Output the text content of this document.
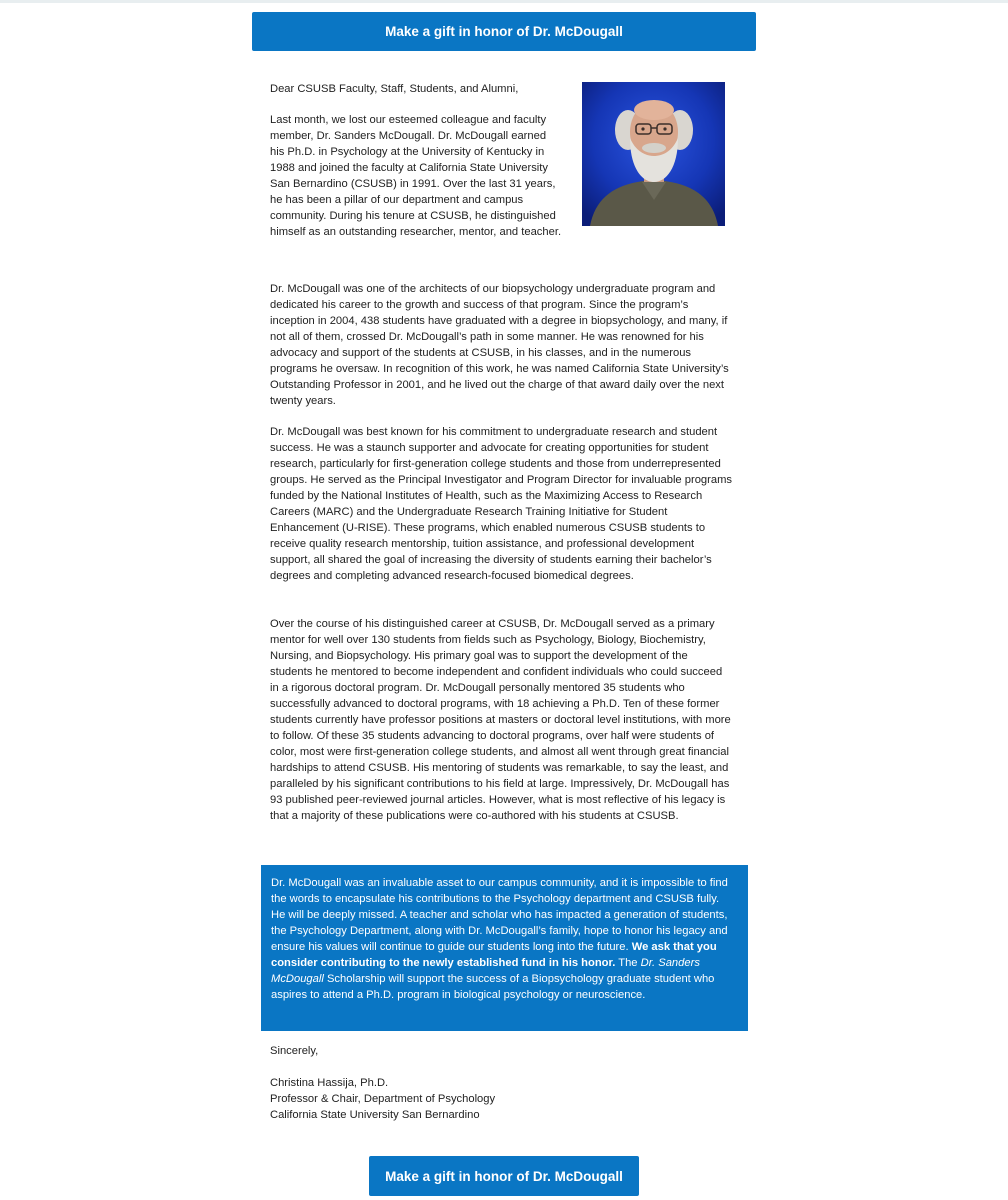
Make a gift in honor of Dr. McDougall
Dear CSUSB Faculty, Staff, Students, and Alumni,
Last month, we lost our esteemed colleague and faculty member, Dr. Sanders McDougall. Dr. McDougall earned his Ph.D. in Psychology at the University of Kentucky in 1988 and joined the faculty at California State University San Bernardino (CSUSB) in 1991. Over the last 31 years, he has been a pillar of our department and campus community. During his tenure at CSUSB, he distinguished himself as an outstanding researcher, mentor, and teacher.
Dr. McDougall was one of the architects of our biopsychology undergraduate program and dedicated his career to the growth and success of that program. Since the program’s inception in 2004, 438 students have graduated with a degree in biopsychology, and many, if not all of them, crossed Dr. McDougall’s path in some manner. He was renowned for his advocacy and support of the students at CSUSB, in his classes, and in the numerous programs he oversaw. In recognition of this work, he was named California State University’s Outstanding Professor in 2001, and he lived out the charge of that award daily over the next twenty years.
Dr. McDougall was best known for his commitment to undergraduate research and student success. He was a staunch supporter and advocate for creating opportunities for student research, particularly for first-generation college students and those from underrepresented groups. He served as the Principal Investigator and Program Director for invaluable programs funded by the National Institutes of Health, such as the Maximizing Access to Research Careers (MARC) and the Undergraduate Research Training Initiative for Student Enhancement (U-RISE). These programs, which enabled numerous CSUSB students to receive quality research mentorship, tuition assistance, and professional development support, all shared the goal of increasing the diversity of students earning their bachelor’s degrees and completing advanced research-focused biomedical degrees.
Over the course of his distinguished career at CSUSB, Dr. McDougall served as a primary mentor for well over 130 students from fields such as Psychology, Biology, Biochemistry, Nursing, and Biopsychology. His primary goal was to support the development of the students he mentored to become independent and confident individuals who could succeed in a rigorous doctoral program. Dr. McDougall personally mentored 35 students who successfully advanced to doctoral programs, with 18 achieving a Ph.D. Ten of these former students currently have professor positions at masters or doctoral level institutions, with more to follow. Of these 35 students advancing to doctoral programs, over half were students of color, most were first-generation college students, and almost all went through great financial hardships to attend CSUSB. His mentoring of students was remarkable, to say the least, and paralleled by his significant contributions to his field at large. Impressively, Dr. McDougall has 93 published peer-reviewed journal articles. However, what is most reflective of his legacy is that a majority of these publications were co-authored with his students at CSUSB.
Dr. McDougall was an invaluable asset to our campus community, and it is impossible to find the words to encapsulate his contributions to the Psychology department and CSUSB fully. He will be deeply missed. A teacher and scholar who has impacted a generation of students, the Psychology Department, along with Dr. McDougall’s family, hope to honor his legacy and ensure his values will continue to guide our students long into the future. We ask that you consider contributing to the newly established fund in his honor. The Dr. Sanders McDougall Scholarship will support the success of a Biopsychology graduate student who aspires to attend a Ph.D. program in biological psychology or neuroscience.
Sincerely,
Christina Hassija, Ph.D.
Professor & Chair, Department of Psychology
California State University San Bernardino
Make a gift in honor of Dr. McDougall
